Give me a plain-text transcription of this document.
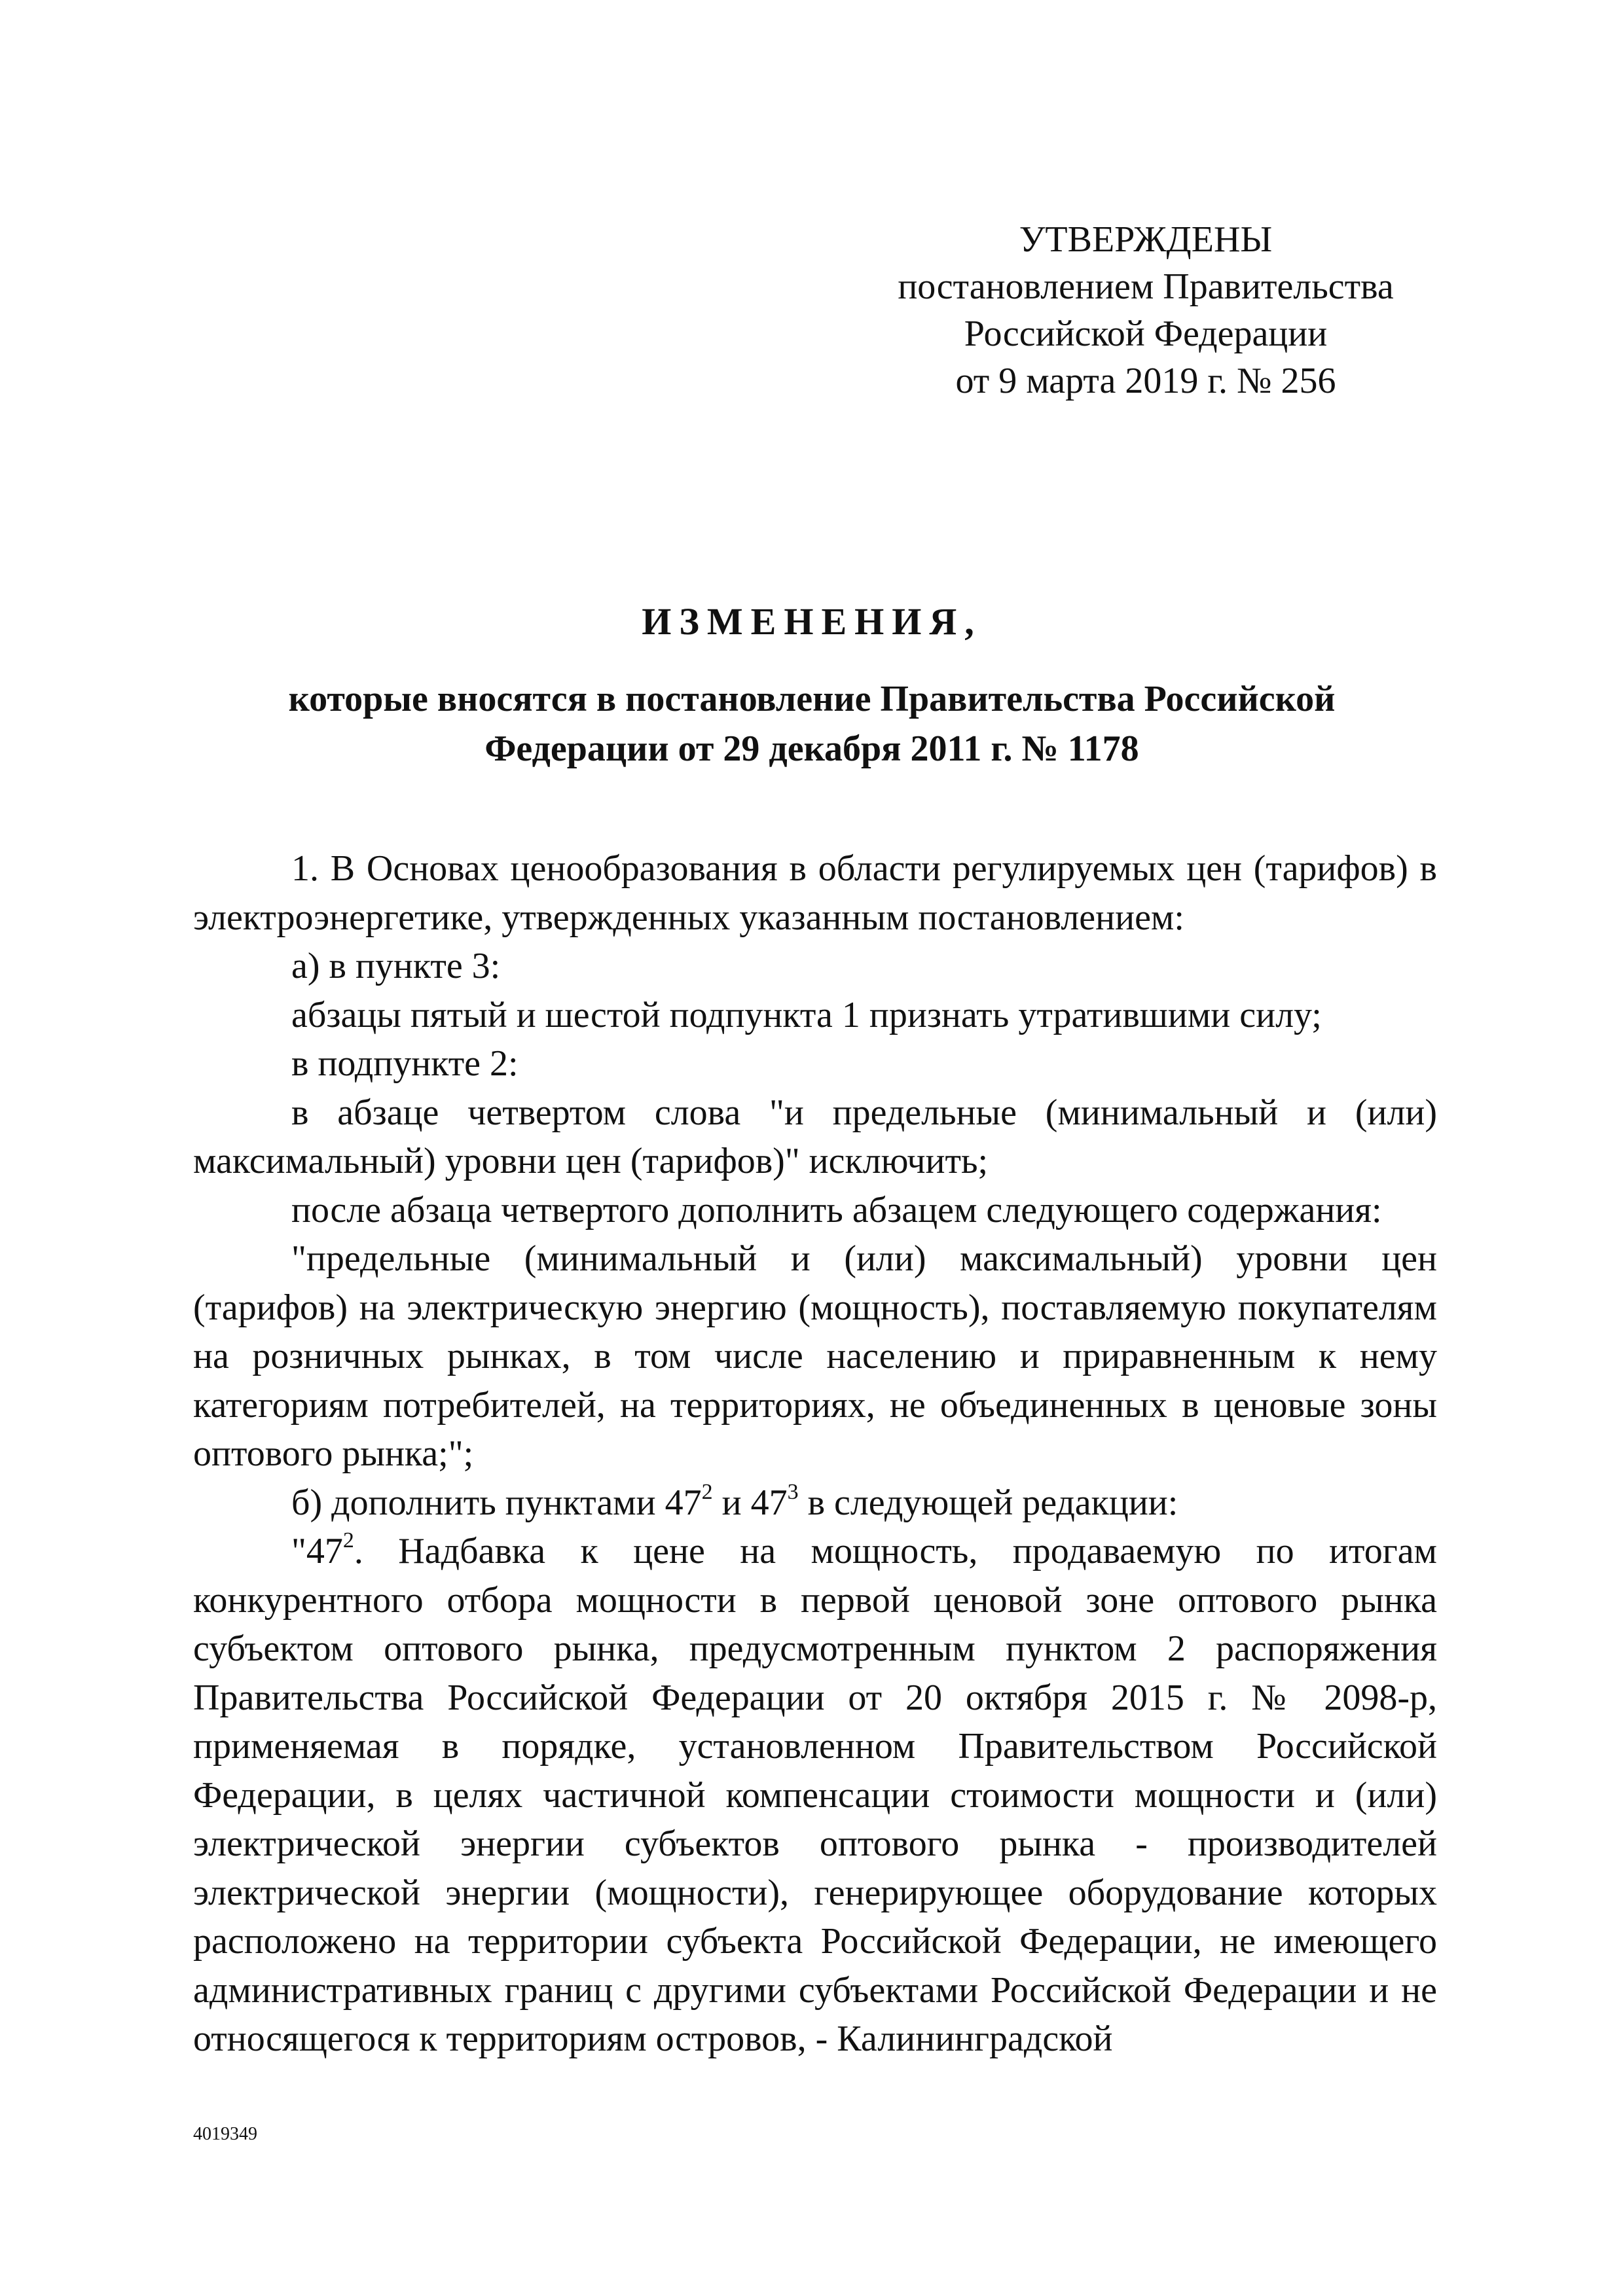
УТВЕРЖДЕНЫ
постановлением Правительства
Российской Федерации
от 9 марта 2019 г. № 256
ИЗМЕНЕНИЯ,
которые вносятся в постановление Правительства Российской
Федерации от 29 декабря 2011 г. № 1178

1. В Основах ценообразования в области регулируемых цен (тарифов) в электроэнергетике, утвержденных указанным постановлением:

а) в пункте 3:

абзацы пятый и шестой подпункта 1 признать утратившими силу;

в подпункте 2:

в абзаце четвертом слова "и предельные (минимальный и (или) максимальный) уровни цен (тарифов)" исключить;

после абзаца четвертого дополнить абзацем следующего содержания:

"предельные (минимальный и (или) максимальный) уровни цен (тарифов) на электрическую энергию (мощность), поставляемую покупателям на розничных рынках, в том числе населению и приравненным к нему категориям потребителей, на территориях, не объединенных в ценовые зоны оптового рынка;";

б) дополнить пунктами $47^2$ и $47^3$ в следующей редакции:

"$47^2$. Надбавка к цене на мощность, продаваемую по итогам конкурентного отбора мощности в первой ценовой зоне оптового рынка субъектом оптового рынка, предусмотренным пунктом 2 распоряжения Правительства Российской Федерации от 20 октября 2015 г. № 2098-р, применяемая в порядке, установленном Правительством Российской Федерации, в целях частичной компенсации стоимости мощности и (или) электрической энергии субъектов оптового рынка - производителей электрической энергии (мощности), генерирующее оборудование которых расположено на территории субъекта Российской Федерации, не имеющего административных границ с другими субъектами Российской Федерации и не относящегося к территориям островов, - Калининградской

4019349
